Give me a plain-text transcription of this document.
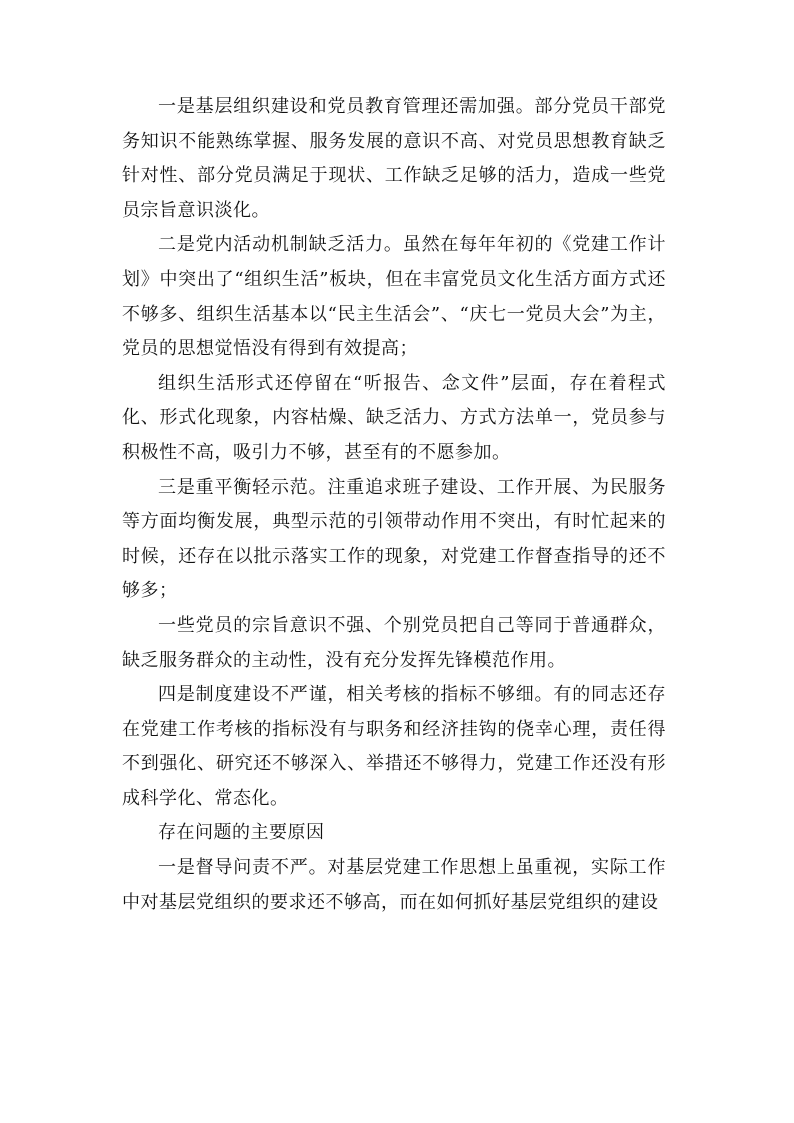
一是基层组织建设和党员教育管理还需加强。部分党员干部党务知识不能熟练掌握、服务发展的意识不高、对党员思想教育缺乏针对性、部分党员满足于现状、工作缺乏足够的活力，造成一些党员宗旨意识淡化。

二是党内活动机制缺乏活力。虽然在每年年初的《党建工作计划》中突出了“组织生活”板块，但在丰富党员文化生活方面方式还不够多、组织生活基本以“民主生活会”、“庆七一党员大会”为主，党员的思想觉悟没有得到有效提高；

组织生活形式还停留在“听报告、念文件”层面，存在着程式化、形式化现象，内容枯燥、缺乏活力、方式方法单一，党员参与积极性不高，吸引力不够，甚至有的不愿参加。

三是重平衡轻示范。注重追求班子建设、工作开展、为民服务等方面均衡发展，典型示范的引领带动作用不突出，有时忙起来的时候，还存在以批示落实工作的现象，对党建工作督查指导的还不够多；

一些党员的宗旨意识不强、个别党员把自己等同于普通群众，缺乏服务群众的主动性，没有充分发挥先锋模范作用。

四是制度建设不严谨，相关考核的指标不够细。有的同志还存在党建工作考核的指标没有与职务和经济挂钩的侥幸心理，责任得不到强化、研究还不够深入、举措还不够得力，党建工作还没有形成科学化、常态化。

存在问题的主要原因

一是督导问责不严。对基层党建工作思想上虽重视，实际工作中对基层党组织的要求还不够高，而在如何抓好基层党组织的建设
